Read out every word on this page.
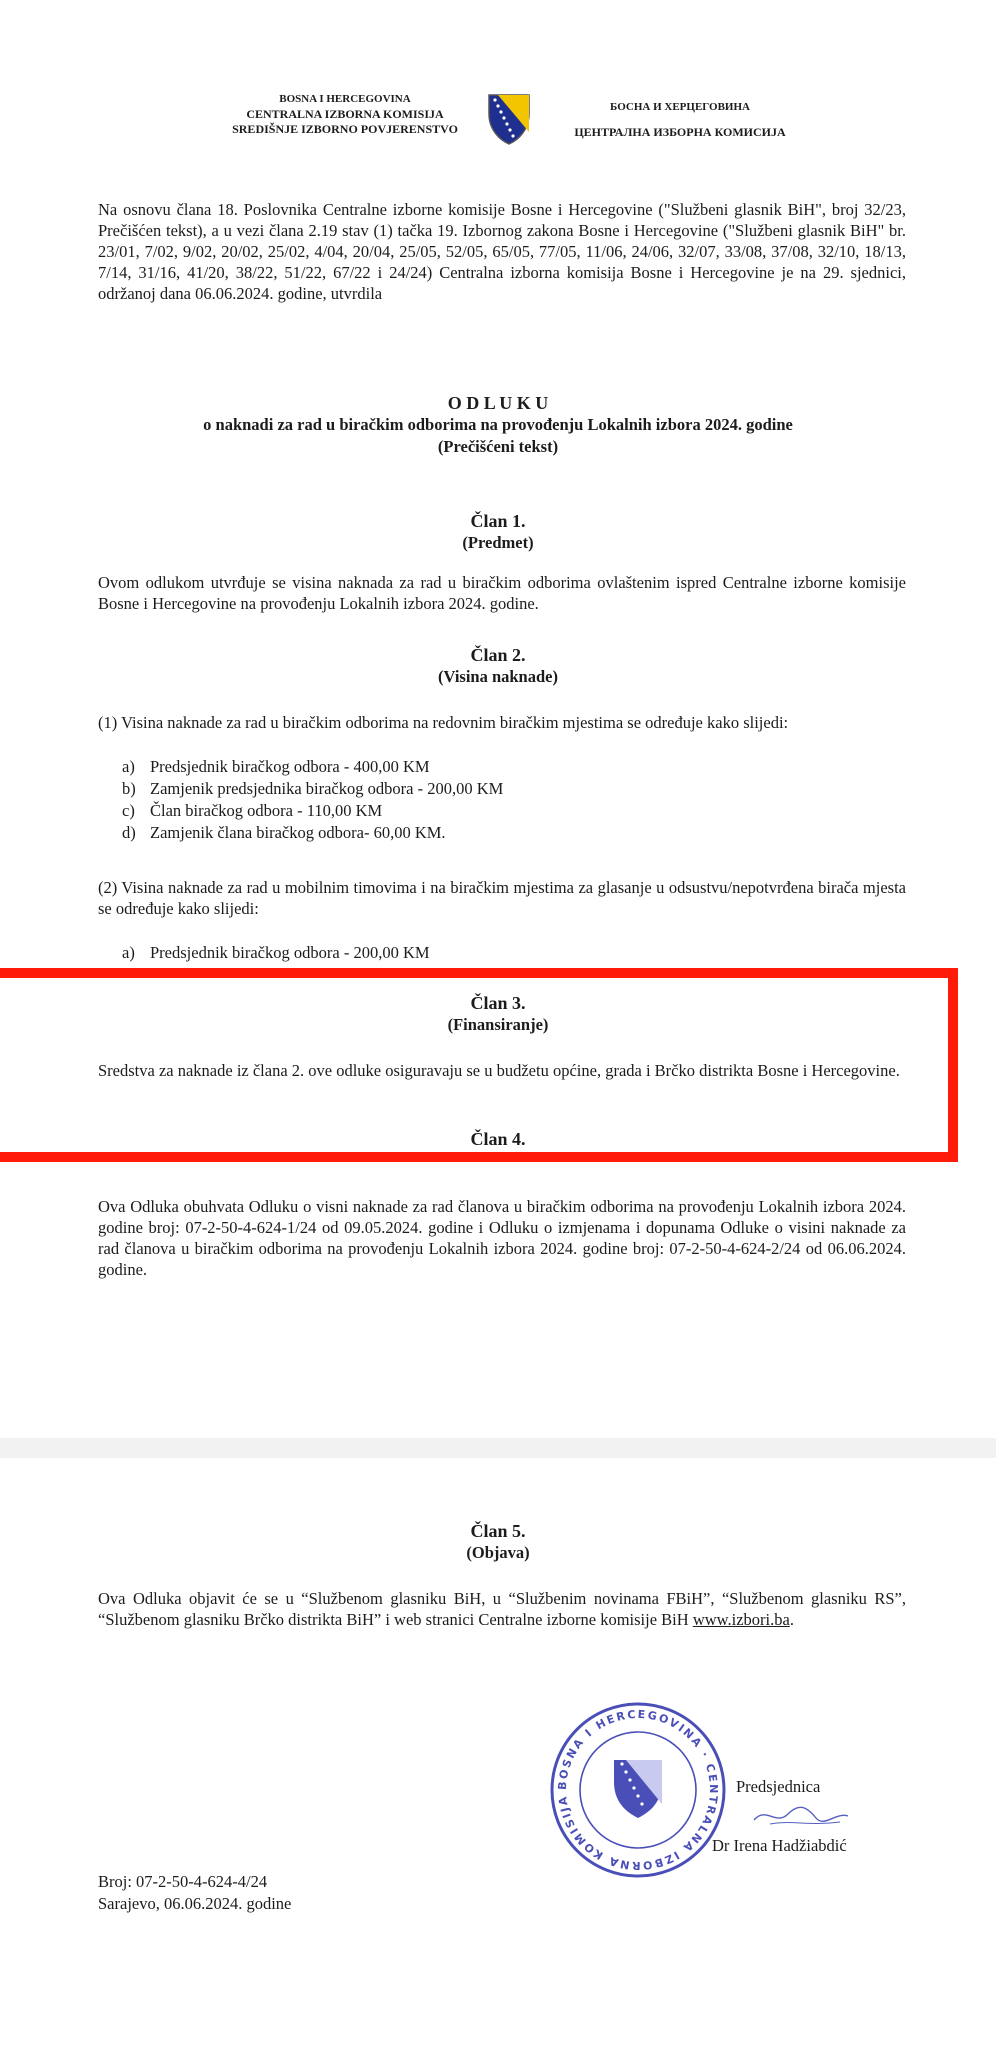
BOSNA I HERCEGOVINA
CENTRALNA IZBORNA KOMISIJA
SREDIŠNJE IZBORNO POVJERENSTVO
БОСНА И ХЕРЦЕГОВИНА
ЦЕНТРАЛНА ИЗБОРНА КОМИСИЈА
Na osnovu člana 18. Poslovnika Centralne izborne komisije Bosne i Hercegovine ("Službeni glasnik BiH", broj 32/23, Prečišćen tekst), a u vezi člana 2.19 stav (1) tačka 19. Izbornog zakona Bosne i Hercegovine ("Službeni glasnik BiH" br. 23/01, 7/02, 9/02, 20/02, 25/02, 4/04, 20/04, 25/05, 52/05, 65/05, 77/05, 11/06, 24/06, 32/07, 33/08, 37/08, 32/10, 18/13, 7/14, 31/16, 41/20, 38/22, 51/22, 67/22 i 24/24) Centralna izborna komisija Bosne i Hercegovine je na 29. sjednici, održanoj dana 06.06.2024. godine, utvrdila
O D L U K U
o naknadi za rad u biračkim odborima na provođenju Lokalnih izbora 2024. godine
(Prečišćeni tekst)
Član 1.
(Predmet)
Ovom odlukom utvrđuje se visina naknada za rad u biračkim odborima ovlaštenim ispred Centralne izborne komisije Bosne i Hercegovine na provođenju Lokalnih izbora 2024. godine.
Član 2.
(Visina naknade)
(1) Visina naknade za rad u biračkim odborima na redovnim biračkim mjestima se određuje kako slijedi:
a) Predsjednik biračkog odbora - 400,00 KM
b) Zamjenik predsjednika biračkog odbora - 200,00 KM
c) Član biračkog odbora - 110,00 KM
d) Zamjenik člana biračkog odbora- 60,00 KM.
(2) Visina naknade za rad u mobilnim timovima i na biračkim mjestima za glasanje u odsustvu/nepotvrđena birača mjesta se određuje kako slijedi:
a) Predsjednik biračkog odbora - 200,00 KM
Član 3.
(Finansiranje)
Sredstva za naknade iz člana 2. ove odluke osiguravaju se u budžetu općine, grada i Brčko distrikta Bosne i Hercegovine.
Član 4.
Ova Odluka obuhvata Odluku o visni naknade za rad članova u biračkim odborima na provođenju Lokalnih izbora 2024. godine broj: 07-2-50-4-624-1/24 od 09.05.2024. godine i Odluku o izmjenama i dopunama Odluke o visini naknade za rad članova u biračkim odborima na provođenju Lokalnih izbora 2024. godine broj: 07-2-50-4-624-2/24 od 06.06.2024. godine.
Član 5.
(Objava)
Ova Odluka objavit će se u “Službenom glasniku BiH, u “Službenim novinama FBiH”, “Službenom glasniku RS”, “Službenom glasniku Brčko distrikta BiH” i web stranici Centralne izborne komisije BiH www.izbori.ba.
BOSNA I HERCEGOVINA · CENTRALNA IZBORNA KOMISIJA
Predsjednica
Dr Irena Hadžiabdić
Broj: 07-2-50-4-624-4/24
Sarajevo, 06.06.2024. godine
